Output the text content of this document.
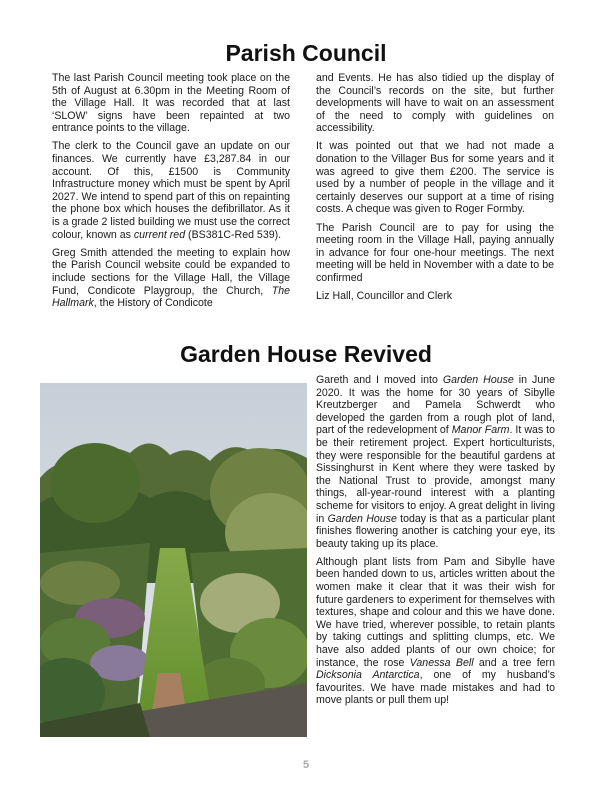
Parish Council

The last Parish Council meeting took place on the 5th of August at 6.30pm in the Meeting Room of the Village Hall. It was recorded that at last ‘SLOW’ signs have been repainted at two entrance points to the village.

The clerk to the Council gave an update on our finances. We currently have £3,287.84 in our account. Of this, £1500 is Community Infrastructure money which must be spent by April 2027. We intend to spend part of this on repainting the phone box which houses the defibrillator. As it is a grade 2 listed building we must use the correct colour, known as current red (BS381C-Red 539).

Greg Smith attended the meeting to explain how the Parish Council website could be expanded to include sections for the Village Hall, the Village Fund, Condicote Playgroup, the Church, The Hallmark, the History of Condicote

and Events. He has also tidied up the display of the Council’s records on the site, but further developments will have to wait on an assessment of the need to comply with guidelines on accessibility.

It was pointed out that we had not made a donation to the Villager Bus for some years and it was agreed to give them £200. The service is used by a number of people in the village and it certainly deserves our support at a time of rising costs. A cheque was given to Roger Formby.

The Parish Council are to pay for using the meeting room in the Village Hall, paying annually in advance for four one-hour meetings. The next meeting will be held in November with a date to be confirmed

Liz Hall, Councillor and Clerk

Garden House Revived

Gareth and I moved into Garden House in June 2020. It was the home for 30 years of Sibylle Kreutzberger and Pamela Schwerdt who developed the garden from a rough plot of land, part of the redevelopment of Manor Farm. It was to be their retirement project. Expert horticulturists, they were responsible for the beautiful gardens at Sissinghurst in Kent where they were tasked by the National Trust to provide, amongst many things, all-year-round interest with a planting scheme for visitors to enjoy. A great delight in living in Garden House today is that as a particular plant finishes flowering another is catching your eye, its beauty taking up its place.

Although plant lists from Pam and Sibylle have been handed down to us, articles written about the women make it clear that it was their wish for future gardeners to experiment for themselves with textures, shape and colour and this we have done. We have tried, wherever possible, to retain plants by taking cuttings and splitting clumps, etc. We have also added plants of our own choice; for instance, the rose Vanessa Bell and a tree fern Dicksonia Antarctica, one of my husband’s favourites. We have made mistakes and had to move plants or pull them up!

5
